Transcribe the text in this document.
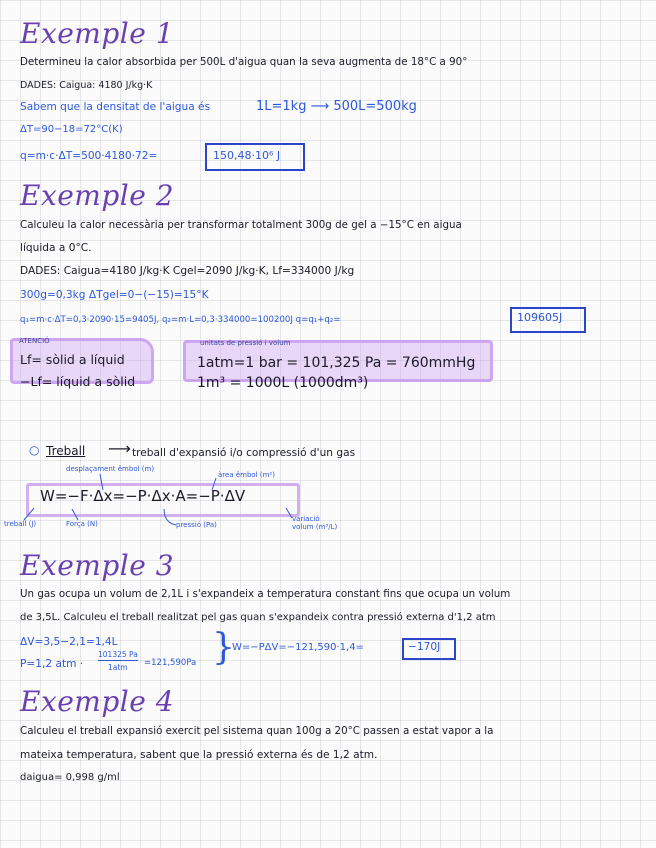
Exemple 1
Determineu la calor absorbida per 500L d'aigua quan la seva augmenta de 18°C a 90°
DADES: Caigua: 4180 J/kg·K
Sabem que la densitat de l'aigua és	1L=1kg ⟶ 500L=500kg
ΔT=90−18=72°C(K)
q=m·c·ΔT=500·4180·72=	150,48·10⁶ J
Exemple 2
Calculeu la calor necessària per transformar totalment 300g de gel a −15°C en aigua
líquida a 0°C.
DADES: Caigua=4180 J/kg·K Cgel=2090 J/kg·K, Lf=334000 J/kg
300g=0,3kg ΔTgel=0−(−15)=15°K
q₁=m·c·ΔT=0,3·2090·15=9405J, q₂=m·L=0,3·334000=100200J q=q₁+q₂=	109605J
ATENCIÓ
Lf= sòlid a líquid
−Lf= líquid a sòlid
unitats de pressió i volum
1atm=1 bar = 101,325 Pa = 760mmHg
1m³ = 1000L (1000dm³)
○ Treball ⟶ treball d'expansió i/o compressió d'un gas
desplaçament êmbol (m)
àrea êmbol (m²)
W=−F·Δx=−P·Δx·A=−P·ΔV
treball (J)	Força (N)	pressió (Pa)
variació
volum (m³/L)
Exemple 3
Un gas ocupa un volum de 2,1L i s'expandeix a temperatura constant fins que ocupa un volum
de 3,5L. Calculeu el treball realitzat pel gas quan s'expandeix contra pressió externa d'1,2 atm
ΔV=3,5−2,1=1,4L
P=1,2 atm ·
101325 Pa
1atm =121,590Pa }
W=−PΔV=−121,590·1,4=	−170J
Exemple 4
Calculeu el treball expansió exercit pel sistema quan 100g a 20°C passen a estat vapor a la
mateixa temperatura, sabent que la pressió externa és de 1,2 atm.
daigua= 0,998 g/ml
